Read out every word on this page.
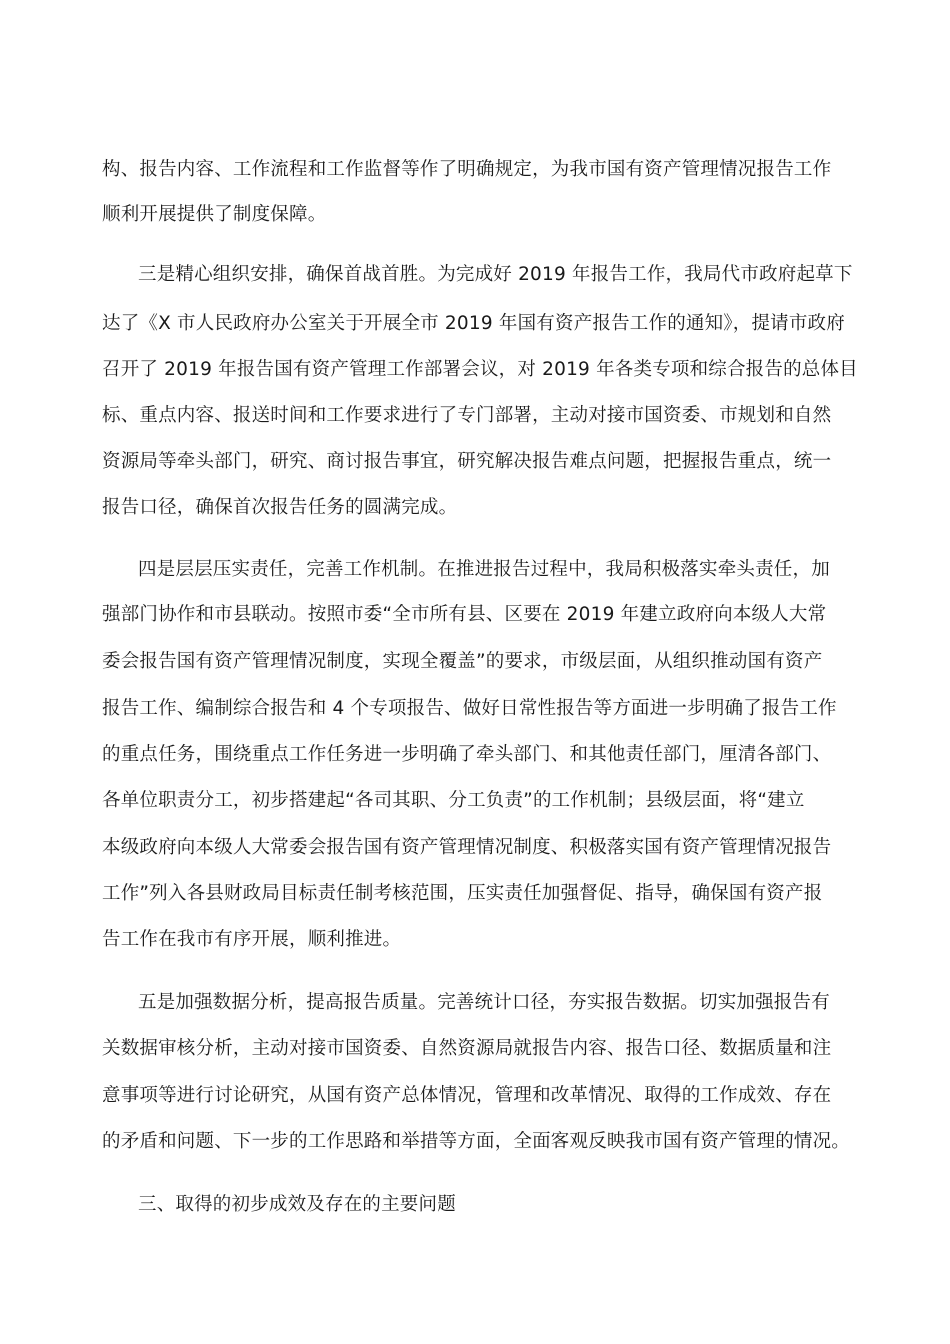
构、报告内容、工作流程和工作监督等作了明确规定，为我市国有资产管理情况报告工作
顺利开展提供了制度保障。
三是精心组织安排，确保首战首胜。为完成好 2019 年报告工作，我局代市政府起草下
达了《X 市人民政府办公室关于开展全市 2019 年国有资产报告工作的通知》，提请市政府
召开了 2019 年报告国有资产管理工作部署会议，对 2019 年各类专项和综合报告的总体目
标、重点内容、报送时间和工作要求进行了专门部署，主动对接市国资委、市规划和自然
资源局等牵头部门，研究、商讨报告事宜，研究解决报告难点问题，把握报告重点，统一
报告口径，确保首次报告任务的圆满完成。
四是层层压实责任，完善工作机制。在推进报告过程中，我局积极落实牵头责任，加
强部门协作和市县联动。按照市委“全市所有县、区要在 2019 年建立政府向本级人大常
委会报告国有资产管理情况制度，实现全覆盖”的要求，市级层面，从组织推动国有资产
报告工作、编制综合报告和 4 个专项报告、做好日常性报告等方面进一步明确了报告工作
的重点任务，围绕重点工作任务进一步明确了牵头部门、和其他责任部门，厘清各部门、
各单位职责分工，初步搭建起“各司其职、分工负责”的工作机制；县级层面，将“建立
本级政府向本级人大常委会报告国有资产管理情况制度、积极落实国有资产管理情况报告
工作”列入各县财政局目标责任制考核范围，压实责任加强督促、指导，确保国有资产报
告工作在我市有序开展，顺利推进。
五是加强数据分析，提高报告质量。完善统计口径，夯实报告数据。切实加强报告有
关数据审核分析，主动对接市国资委、自然资源局就报告内容、报告口径、数据质量和注
意事项等进行讨论研究，从国有资产总体情况，管理和改革情况、取得的工作成效、存在
的矛盾和问题、下一步的工作思路和举措等方面，全面客观反映我市国有资产管理的情况。
三、取得的初步成效及存在的主要问题
